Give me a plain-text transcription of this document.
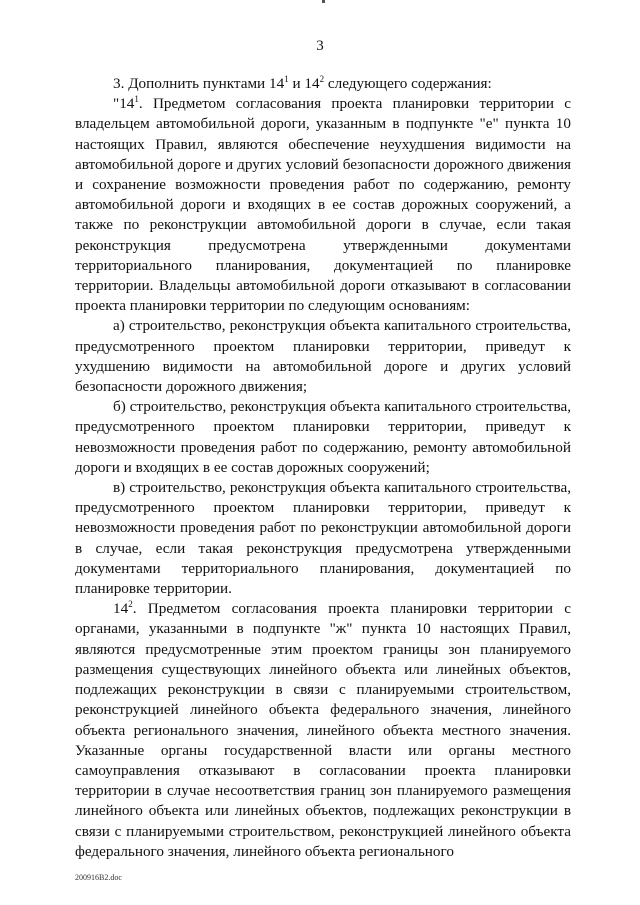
3

3. Дополнить пунктами $14^1$ и $14^2$ следующего содержания:

"$14^1$. Предметом согласования проекта планировки территории с владельцем автомобильной дороги, указанным в подпункте "е" пункта 10 настоящих Правил, являются обеспечение неухудшения видимости на автомобильной дороге и других условий безопасности дорожного движения и сохранение возможности проведения работ по содержанию, ремонту автомобильной дороги и входящих в ее состав дорожных сооружений, а также по реконструкции автомобильной дороги в случае, если такая реконструкция предусмотрена утвержденными документами территориального планирования, документацией по планировке территории. Владельцы автомобильной дороги отказывают в согласовании проекта планировки территории по следующим основаниям:

а) строительство, реконструкция объекта капитального строительства, предусмотренного проектом планировки территории, приведут к ухудшению видимости на автомобильной дороге и других условий безопасности дорожного движения;

б) строительство, реконструкция объекта капитального строительства, предусмотренного проектом планировки территории, приведут к невозможности проведения работ по содержанию, ремонту автомобильной дороги и входящих в ее состав дорожных сооружений;

в) строительство, реконструкция объекта капитального строительства, предусмотренного проектом планировки территории, приведут к невозможности проведения работ по реконструкции автомобильной дороги в случае, если такая реконструкция предусмотрена утвержденными документами территориального планирования, документацией по планировке территории.

$14^2$. Предметом согласования проекта планировки территории с органами, указанными в подпункте "ж" пункта 10 настоящих Правил, являются предусмотренные этим проектом границы зон планируемого размещения существующих линейного объекта или линейных объектов, подлежащих реконструкции в связи с планируемыми строительством, реконструкцией линейного объекта федерального значения, линейного объекта регионального значения, линейного объекта местного значения. Указанные органы государственной власти или органы местного самоуправления отказывают в согласовании проекта планировки территории в случае несоответствия границ зон планируемого размещения линейного объекта или линейных объектов, подлежащих реконструкции в связи с планируемыми строительством, реконструкцией линейного объекта федерального значения, линейного объекта регионального

200916В2.doc
